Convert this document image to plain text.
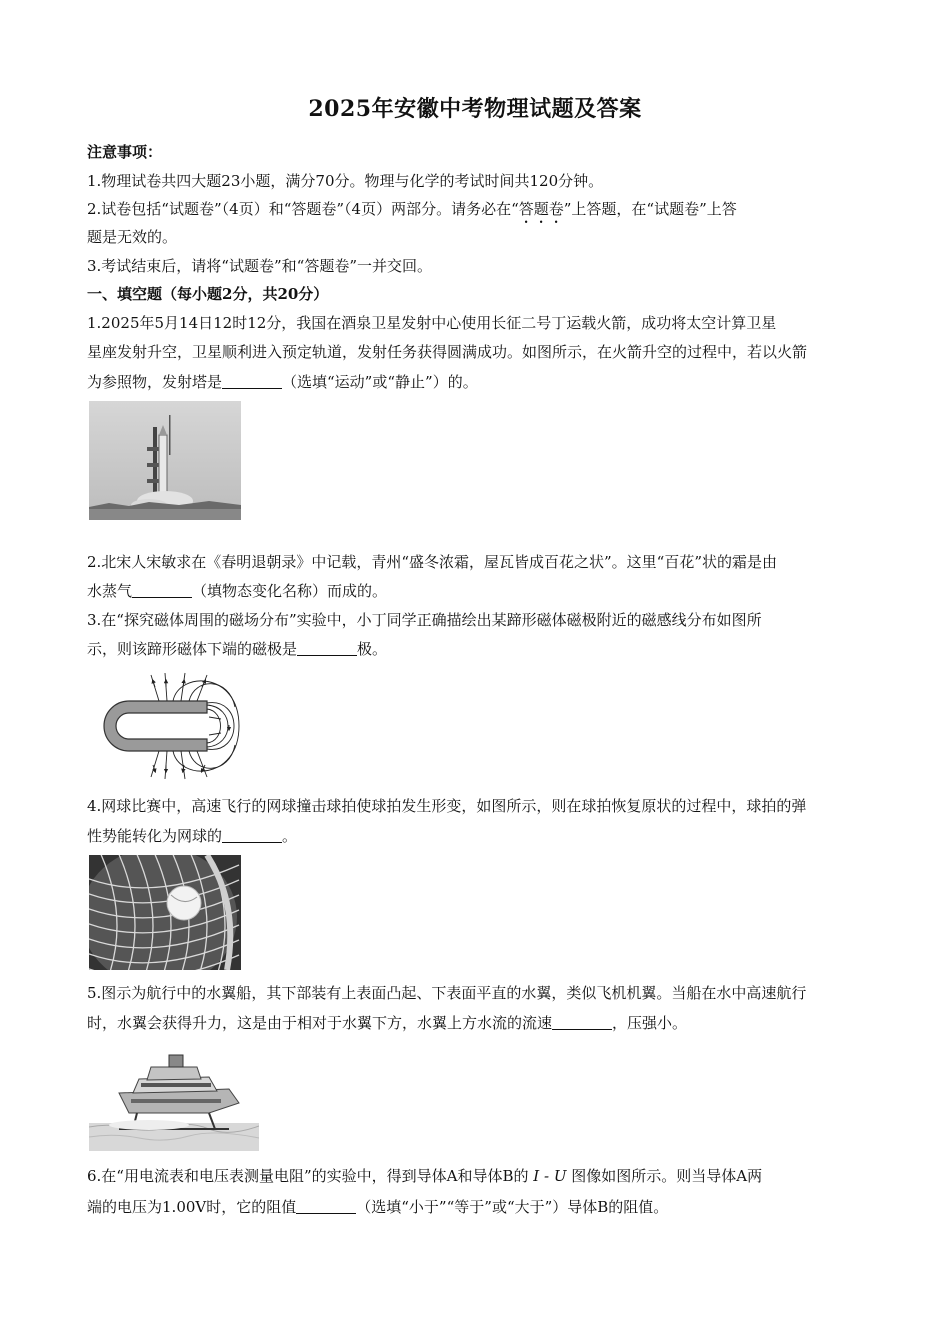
2025年安徽中考物理试题及答案
注意事项：
1.物理试卷共四大题23小题，满分70分。物理与化学的考试时间共120分钟。
2.试卷包括“试题卷”（4页）和“答题卷”（4页）两部分。请务必在“答题卷”上答题，在“试题卷”上答
题是无效的。
3.考试结束后，请将“试题卷”和“答题卷”一并交回。
一、填空题（每小题2分，共20分）
1.2025年5月14日12时12分，我国在酒泉卫星发射中心使用长征二号丁运载火箭，成功将太空计算卫星
星座发射升空，卫星顺利进入预定轨道，发射任务获得圆满成功。如图所示，在火箭升空的过程中，若以火箭
为参照物，发射塔是	（选填“运动”或“静止”）的。
2.北宋人宋敏求在《春明退朝录》中记载，青州“盛冬浓霜，屋瓦皆成百花之状”。这里“百花”状的霜是由
水蒸气	（填物态变化名称）而成的。
3.在“探究磁体周围的磁场分布”实验中，小丁同学正确描绘出某蹄形磁体磁极附近的磁感线分布如图所
示，则该蹄形磁体下端的磁极是	极。
4.网球比赛中，高速飞行的网球撞击球拍使球拍发生形变，如图所示，则在球拍恢复原状的过程中，球拍的弹
性势能转化为网球的	。
5.图示为航行中的水翼船，其下部装有上表面凸起、下表面平直的水翼，类似飞机机翼。当船在水中高速航行
时，水翼会获得升力，这是由于相对于水翼下方，水翼上方水流的流速	，压强小。
6.在“用电流表和电压表测量电阻”的实验中，得到导体A和导体B的 I - U 图像如图所示。则当导体A两
端的电压为1.00V时，它的阻值	（选填“小于”“等于”或“大于”）导体B的阻值。
